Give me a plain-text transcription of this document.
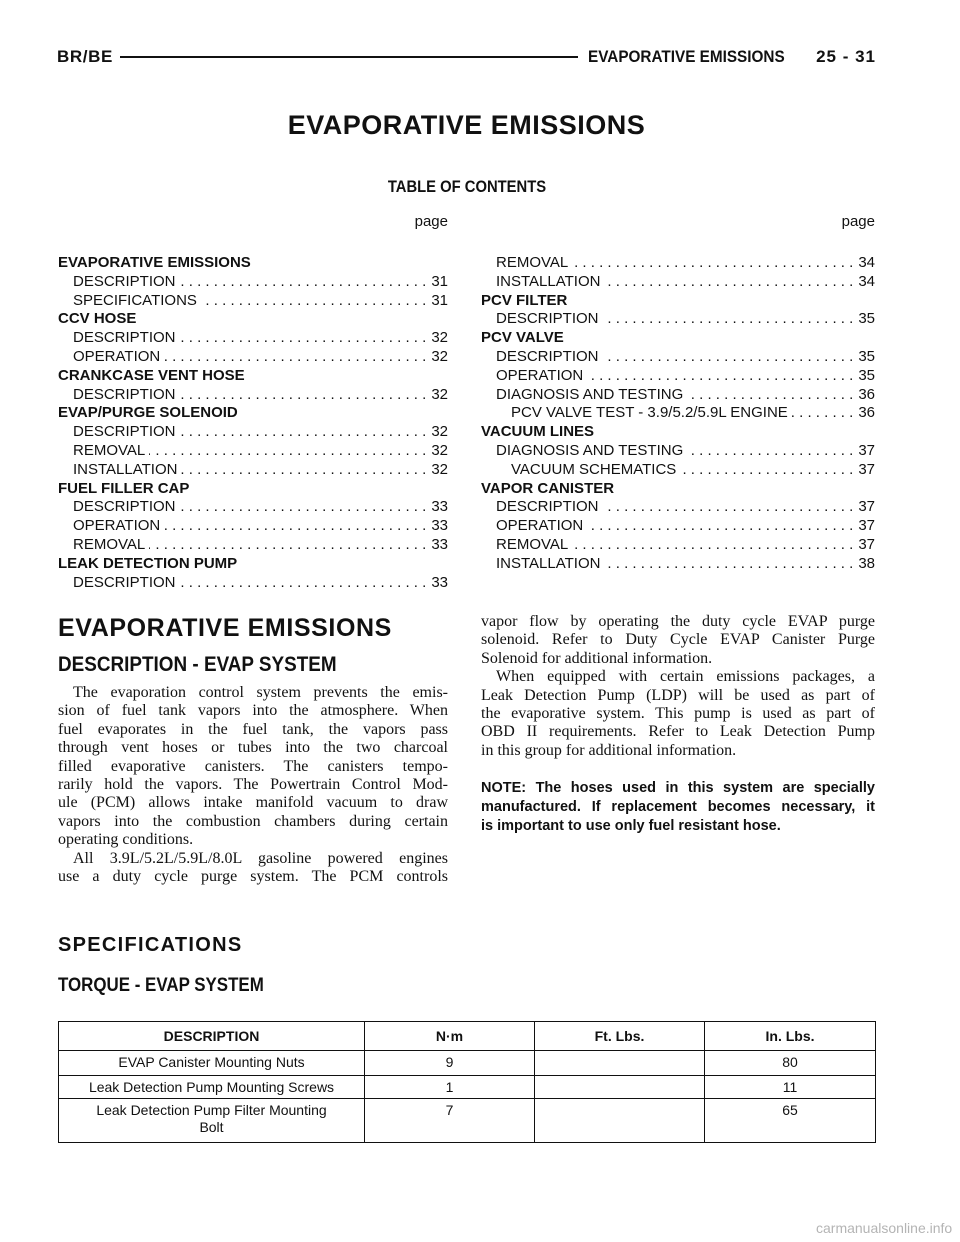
BR/BE	EVAPORATIVE EMISSIONS 25 - 31
EVAPORATIVE EMISSIONS
TABLE OF CONTENTS
page	page
EVAPORATIVE EMISSIONS
DESCRIPTION . . .	31
SPECIFICATIONS . . .	31
CCV HOSE
DESCRIPTION . . .	32
OPERATION . . .	32
CRANKCASE VENT HOSE
DESCRIPTION . . .	32
EVAP/PURGE SOLENOID
DESCRIPTION . . .	32
REMOVAL . . .	32
INSTALLATION . . .	32
FUEL FILLER CAP
DESCRIPTION . . .	33
OPERATION . . .	33
REMOVAL . . .	33
LEAK DETECTION PUMP
DESCRIPTION . . .	33
REMOVAL . . .	34
INSTALLATION . . .	34
PCV FILTER
DESCRIPTION . . .	35
PCV VALVE
DESCRIPTION . . .	35
OPERATION . . .	35
DIAGNOSIS AND TESTING . . .	36
PCV VALVE TEST - 3.9/5.2/5.9L ENGINE . . .	36
VACUUM LINES
DIAGNOSIS AND TESTING . . .	37
VACUUM SCHEMATICS . . .	37
VAPOR CANISTER
DESCRIPTION . . .	37
OPERATION . . .	37
REMOVAL . . .	37
INSTALLATION . . .	38
EVAPORATIVE EMISSIONS
DESCRIPTION - EVAP SYSTEM
The evaporation control system prevents the emis-
sion of fuel tank vapors into the atmosphere. When
fuel evaporates in the fuel tank, the vapors pass
through vent hoses or tubes into the two charcoal
filled evaporative canisters. The canisters tempo-
rarily hold the vapors. The Powertrain Control Mod-
ule (PCM) allows intake manifold vacuum to draw
vapors into the combustion chambers during certain
operating conditions.
All 3.9L/5.2L/5.9L/8.0L gasoline powered engines
use a duty cycle purge system. The PCM controls
vapor flow by operating the duty cycle EVAP purge
solenoid. Refer to Duty Cycle EVAP Canister Purge
Solenoid for additional information.
When equipped with certain emissions packages, a
Leak Detection Pump (LDP) will be used as part of
the evaporative system. This pump is used as part of
OBD II requirements. Refer to Leak Detection Pump
in this group for additional information.
NOTE: The hoses used in this system are specially
manufactured. If replacement becomes necessary, it
is important to use only fuel resistant hose.
SPECIFICATIONS
TORQUE - EVAP SYSTEM
DESCRIPTION	N·m	Ft. Lbs.	In. Lbs.
EVAP Canister Mounting Nuts	9		80
Leak Detection Pump Mounting Screws	1		11
Leak Detection Pump Filter Mounting Bolt	7		65
carmanualsonline.info
